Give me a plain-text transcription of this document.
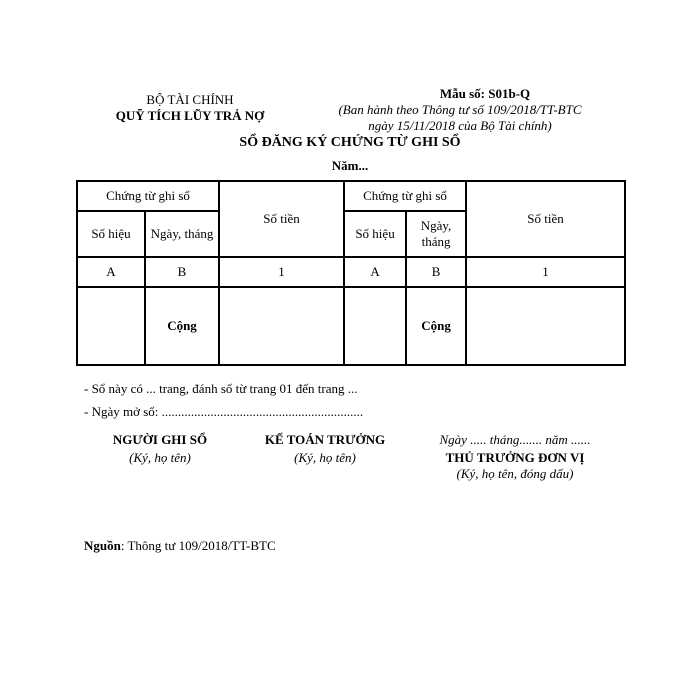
BỘ TÀI CHÍNH
QUỸ TÍCH LŨY TRẢ NỢ
Mẫu số: S01b-Q
(Ban hành theo Thông tư số 109/2018/TT-BTC
ngày 15/11/2018 của Bộ Tài chính)
SỔ ĐĂNG KÝ CHỨNG TỪ GHI SỔ
Năm...
Chứng từ ghi sổ		Số tiền	Chứng từ ghi sổ		Số tiền
Số hiệu	Ngày, tháng		Số hiệu	Ngày, tháng	
A	B	1	A	B	1
	Cộng			Cộng	
- Sổ này có ... trang, đánh số từ trang 01 đến trang ...
- Ngày mở sổ: ..............................................................
NGƯỜI GHI SỔ
(Ký, họ tên)
KẾ TOÁN TRƯỞNG
(Ký, họ tên)
Ngày ..... tháng....... năm ......
THỦ TRƯỞNG ĐƠN VỊ
(Ký, họ tên, đóng dấu)
Nguồn: Thông tư 109/2018/TT-BTC
